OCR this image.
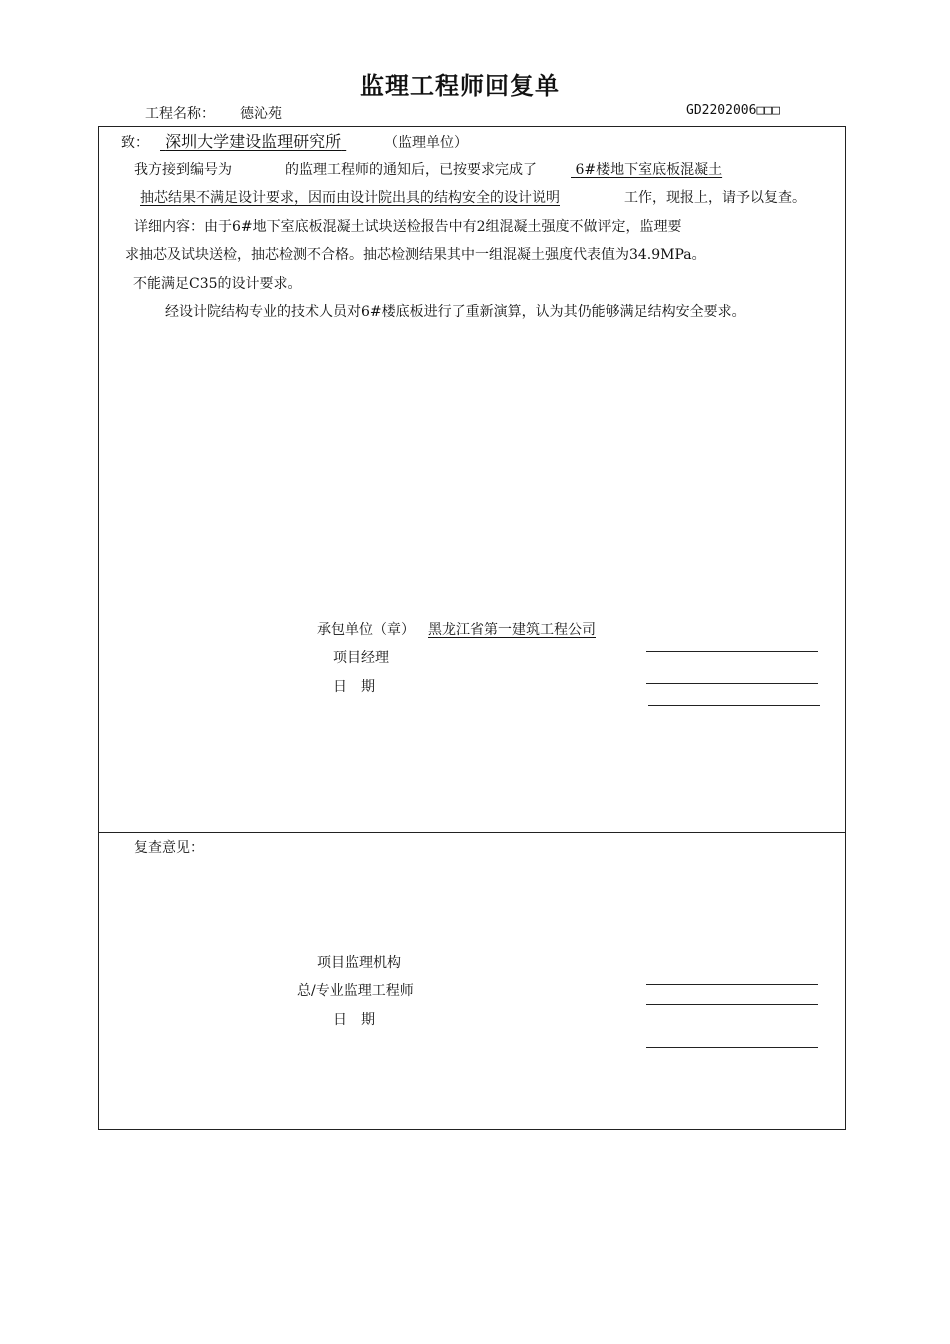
监理工程师回复单
工程名称： 德沁苑	GD2202006□□□
致：	深圳大学建设监理研究所	（监理单位）
我方接到编号为	的监理工程师的通知后，已按要求完成了	6#楼地下室底板混凝土
抽芯结果不满足设计要求，因而由设计院出具的结构安全的设计说明	工作，现报上，请予以复查。
详细内容：由于6#地下室底板混凝土试块送检报告中有2组混凝土强度不做评定，监理要
求抽芯及试块送检，抽芯检测不合格。抽芯检测结果其中一组混凝土强度代表值为34.9MPa。
不能满足C35的设计要求。
经设计院结构专业的技术人员对6#楼底板进行了重新演算，认为其仍能够满足结构安全要求。
承包单位（章） 黑龙江省第一建筑工程公司
项目经理
日　期
复查意见：
项目监理机构
总/专业监理工程师
日　期
